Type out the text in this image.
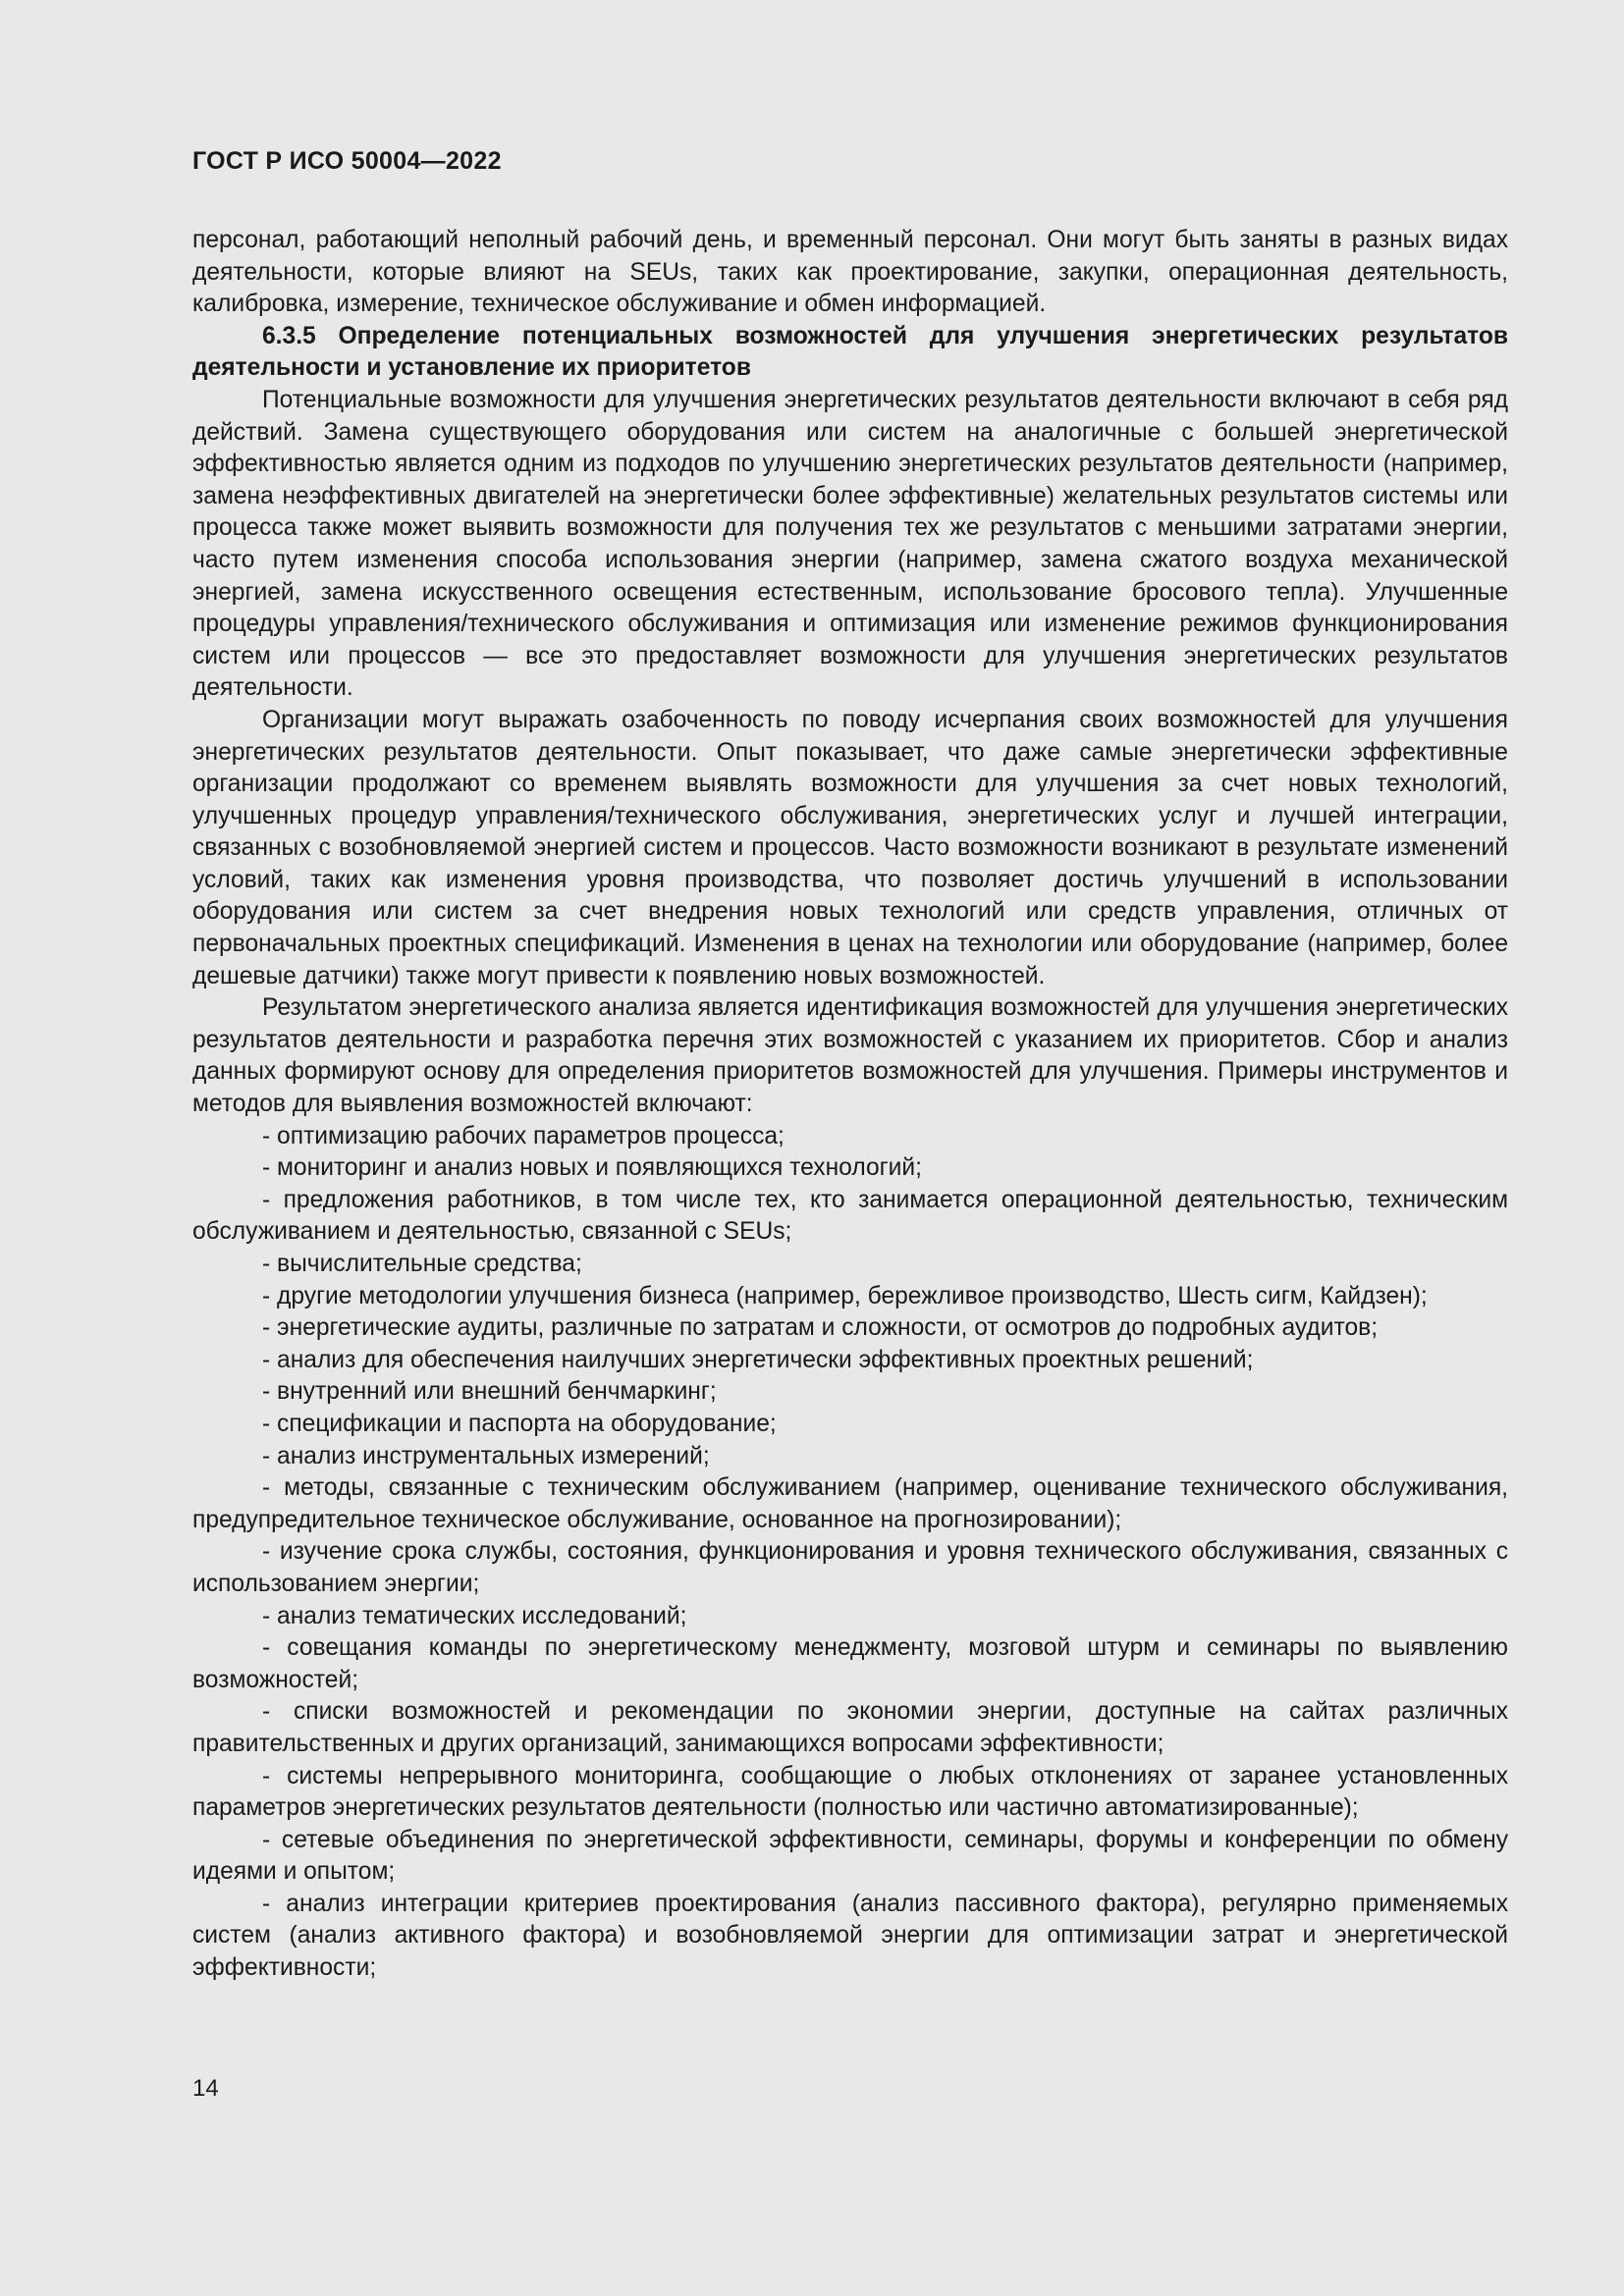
ГОСТ Р ИСО 50004—2022

персонал, работающий неполный рабочий день, и временный персонал. Они могут быть заняты в разных видах деятельности, которые влияют на SEUs, таких как проектирование, закупки, операционная деятельность, калибровка, измерение, техническое обслуживание и обмен информацией.

6.3.5 Определение потенциальных возможностей для улучшения энергетических результатов деятельности и установление их приоритетов

Потенциальные возможности для улучшения энергетических результатов деятельности включают в себя ряд действий. Замена существующего оборудования или систем на аналогичные с большей энергетической эффективностью является одним из подходов по улучшению энергетических результатов деятельности (например, замена неэффективных двигателей на энергетически более эффективные) желательных результатов системы или процесса также может выявить возможности для получения тех же результатов с меньшими затратами энергии, часто путем изменения способа использования энергии (например, замена сжатого воздуха механической энергией, замена искусственного освещения естественным, использование бросового тепла). Улучшенные процедуры управления/технического обслуживания и оптимизация или изменение режимов функционирования систем или процессов — все это предоставляет возможности для улучшения энергетических результатов деятельности.

Организации могут выражать озабоченность по поводу исчерпания своих возможностей для улучшения энергетических результатов деятельности. Опыт показывает, что даже самые энергетически эффективные организации продолжают со временем выявлять возможности для улучшения за счет новых технологий, улучшенных процедур управления/технического обслуживания, энергетических услуг и лучшей интеграции, связанных с возобновляемой энергией систем и процессов. Часто возможности возникают в результате изменений условий, таких как изменения уровня производства, что позволяет достичь улучшений в использовании оборудования или систем за счет внедрения новых технологий или средств управления, отличных от первоначальных проектных спецификаций. Изменения в ценах на технологии или оборудование (например, более дешевые датчики) также могут привести к появлению новых возможностей.

Результатом энергетического анализа является идентификация возможностей для улучшения энергетических результатов деятельности и разработка перечня этих возможностей с указанием их приоритетов. Сбор и анализ данных формируют основу для определения приоритетов возможностей для улучшения. Примеры инструментов и методов для выявления возможностей включают:

- оптимизацию рабочих параметров процесса;

- мониторинг и анализ новых и появляющихся технологий;

- предложения работников, в том числе тех, кто занимается операционной деятельностью, техническим обслуживанием и деятельностью, связанной с SEUs;

- вычислительные средства;

- другие методологии улучшения бизнеса (например, бережливое производство, Шесть сигм, Кайдзен);

- энергетические аудиты, различные по затратам и сложности, от осмотров до подробных аудитов;

- анализ для обеспечения наилучших энергетически эффективных проектных решений;

- внутренний или внешний бенчмаркинг;

- спецификации и паспорта на оборудование;

- анализ инструментальных измерений;

- методы, связанные с техническим обслуживанием (например, оценивание технического обслуживания, предупредительное техническое обслуживание, основанное на прогнозировании);

- изучение срока службы, состояния, функционирования и уровня технического обслуживания, связанных с использованием энергии;

- анализ тематических исследований;

- совещания команды по энергетическому менеджменту, мозговой штурм и семинары по выявлению возможностей;

- списки возможностей и рекомендации по экономии энергии, доступные на сайтах различных правительственных и других организаций, занимающихся вопросами эффективности;

- системы непрерывного мониторинга, сообщающие о любых отклонениях от заранее установленных параметров энергетических результатов деятельности (полностью или частично автоматизированные);

- сетевые объединения по энергетической эффективности, семинары, форумы и конференции по обмену идеями и опытом;

- анализ интеграции критериев проектирования (анализ пассивного фактора), регулярно применяемых систем (анализ активного фактора) и возобновляемой энергии для оптимизации затрат и энергетической эффективности;

14
